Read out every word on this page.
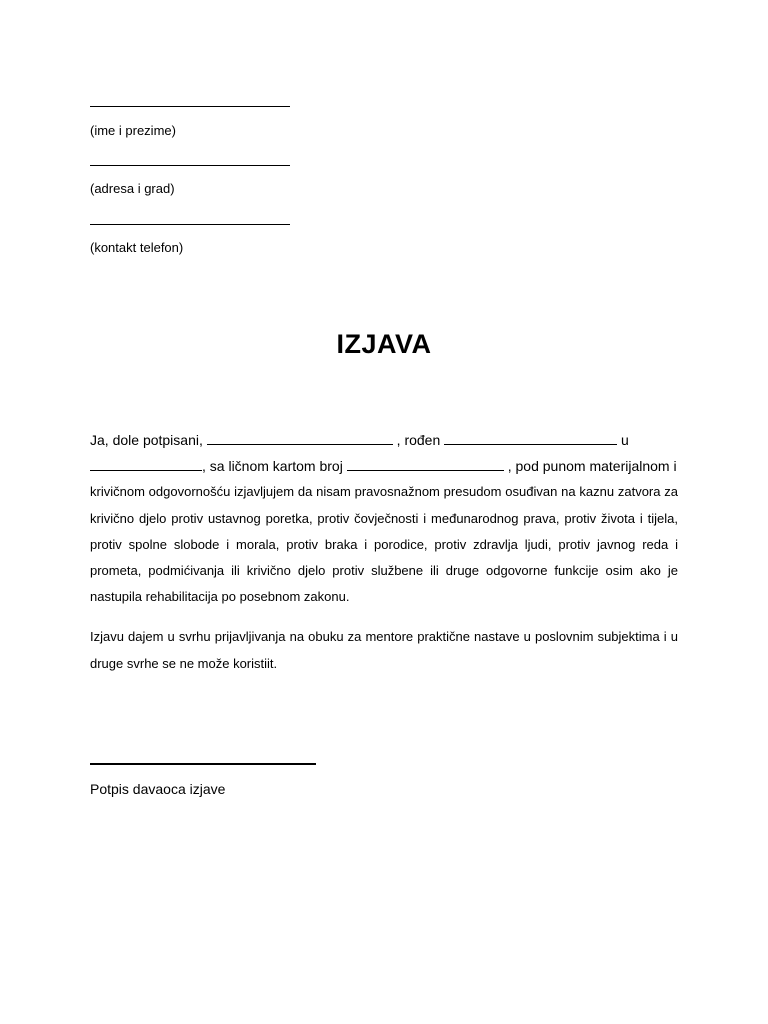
(ime i prezime)
(adresa i grad)
(kontakt telefon)
IZJAVA
Ja, dole potpisani,	, rođen	u
, sa ličnom kartom broj	, pod punom materijalnom i
krivičnom odgovornošću izjavljujem da nisam pravosnažnom presudom osuđivan na kaznu zatvora za
krivično djelo protiv ustavnog poretka, protiv čovječnosti i međunarodnog prava, protiv života i tijela,
protiv spolne slobode i morala, protiv braka i porodice, protiv zdravlja ljudi, protiv javnog reda i
prometa, podmićivanja ili krivično djelo protiv službene ili druge odgovorne funkcije osim ako je
nastupila rehabilitacija po posebnom zakonu.
Izjavu dajem u svrhu prijavljivanja na obuku za mentore praktične nastave u poslovnim subjektima i u
druge svrhe se ne može koristiit.
Potpis davaoca izjave
